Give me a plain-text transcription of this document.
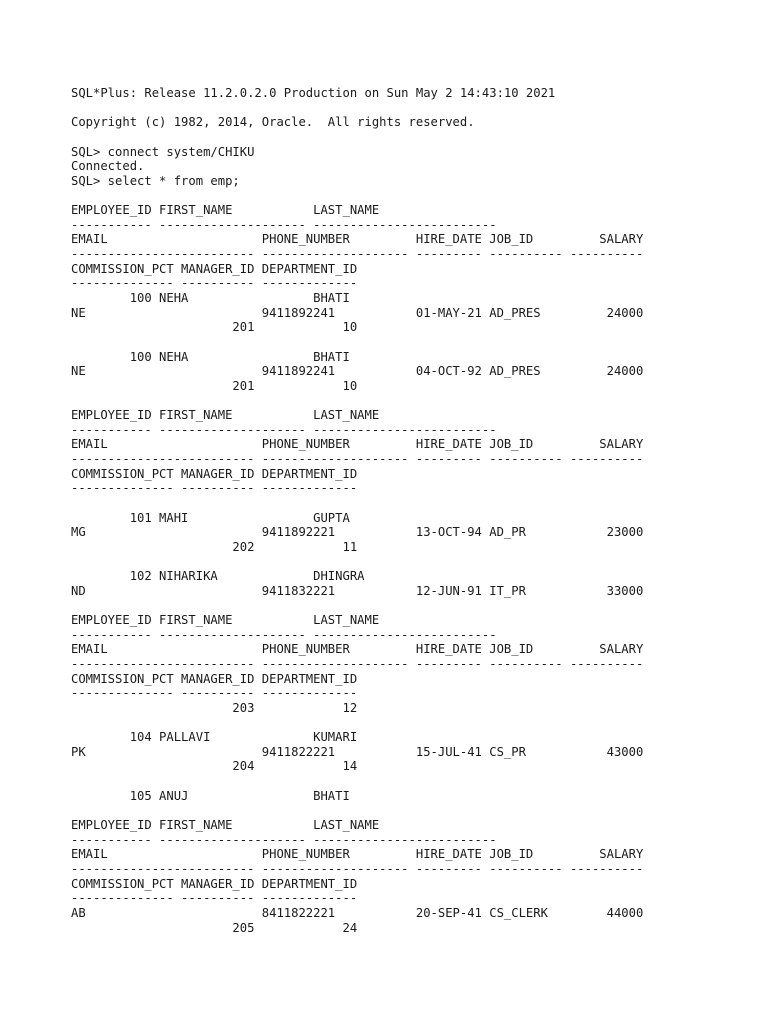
SQL*Plus: Release 11.2.0.2.0 Production on Sun May 2 14:43:10 2021
Copyright (c) 1982, 2014, Oracle.  All rights reserved.
SQL> connect system/CHIKU
Connected.
SQL> select * from emp;
EMPLOYEE_ID FIRST_NAME           LAST_NAME
----------- -------------------- -------------------------
EMAIL                     PHONE_NUMBER         HIRE_DATE JOB_ID         SALARY
------------------------- -------------------- --------- ---------- ----------
COMMISSION_PCT MANAGER_ID DEPARTMENT_ID
-------------- ---------- -------------
100 NEHA                 BHATI
NE                        9411892241           01-MAY-21 AD_PRES         24000
201            10
100 NEHA                 BHATI
NE                        9411892241           04-OCT-92 AD_PRES         24000
201            10
EMPLOYEE_ID FIRST_NAME           LAST_NAME
----------- -------------------- -------------------------
EMAIL                     PHONE_NUMBER         HIRE_DATE JOB_ID         SALARY
------------------------- -------------------- --------- ---------- ----------
COMMISSION_PCT MANAGER_ID DEPARTMENT_ID
-------------- ---------- -------------
101 MAHI                 GUPTA
MG                        9411892221           13-OCT-94 AD_PR           23000
202            11
102 NIHARIKA             DHINGRA
ND                        9411832221           12-JUN-91 IT_PR           33000
EMPLOYEE_ID FIRST_NAME           LAST_NAME
----------- -------------------- -------------------------
EMAIL                     PHONE_NUMBER         HIRE_DATE JOB_ID         SALARY
------------------------- -------------------- --------- ---------- ----------
COMMISSION_PCT MANAGER_ID DEPARTMENT_ID
-------------- ---------- -------------
203            12
104 PALLAVI              KUMARI
PK                        9411822221           15-JUL-41 CS_PR           43000
204            14
105 ANUJ                 BHATI
EMPLOYEE_ID FIRST_NAME           LAST_NAME
----------- -------------------- -------------------------
EMAIL                     PHONE_NUMBER         HIRE_DATE JOB_ID         SALARY
------------------------- -------------------- --------- ---------- ----------
COMMISSION_PCT MANAGER_ID DEPARTMENT_ID
-------------- ---------- -------------
AB                        8411822221           20-SEP-41 CS_CLERK        44000
205            24
